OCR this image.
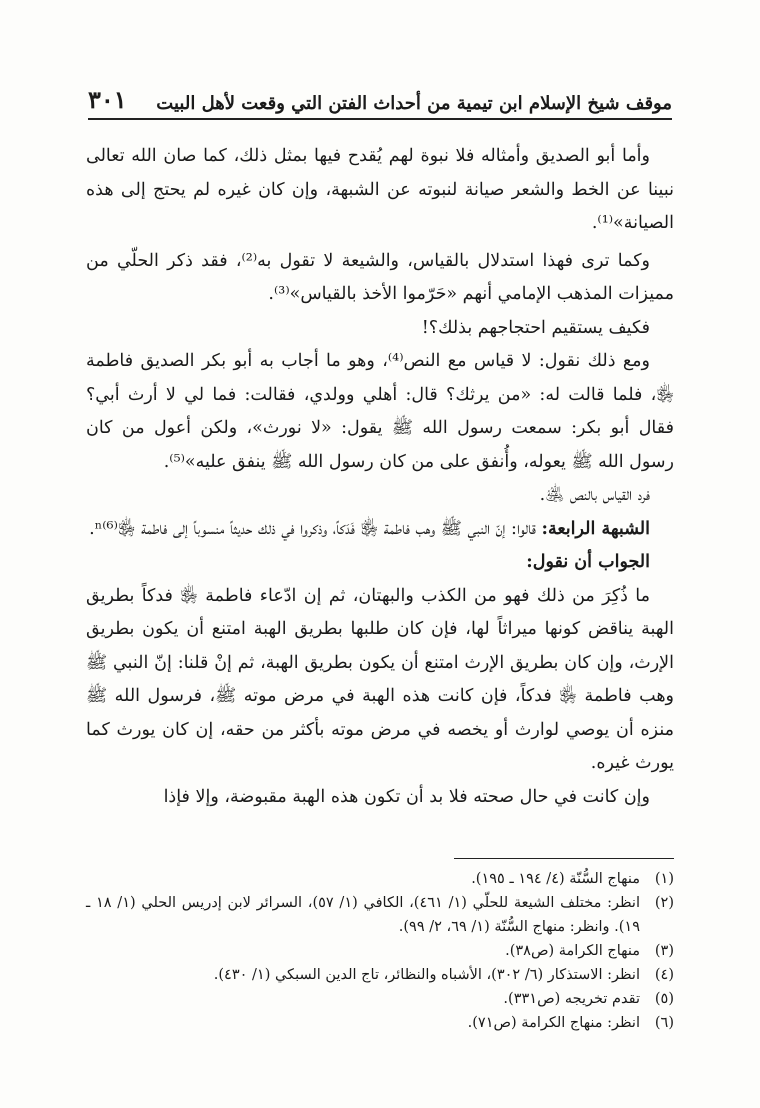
موقف شيخ الإسلام ابن تيمية من أحداث الفتن التي وقعت لأهل البيت
٣٠١

وأما أبو الصديق وأمثاله فلا نبوة لهم يُقدح فيها بمثل ذلك، كما صان الله تعالى نبينا عن الخط والشعر صيانة لنبوته عن الشبهة، وإن كان غيره لم يحتج إلى هذه الصيانة»⁽¹⁾.

وكما ترى فهذا استدلال بالقياس، والشيعة لا تقول به⁽²⁾، فقد ذكر الحلّي من مميزات المذهب الإمامي أنهم «حَرّموا الأخذ بالقياس»⁽³⁾.

فكيف يستقيم احتجاجهم بذلك؟!

ومع ذلك نقول: لا قياس مع النص⁽⁴⁾، وهو ما أجاب به أبو بكر الصديق فاطمة ﵂، فلما قالت له: «من يرثك؟ قال: أهلي وولدي، فقالت: فما لي لا أرث أبي؟ فقال أبو بكر: سمعت رسول الله ﷺ يقول: «لا نورث»، ولكن أعول من كان رسول الله ﷺ يعوله، وأُنفق على من كان رسول الله ﷺ ينفق عليه»⁽⁵⁾.

فرد القياس بالنص ﵁.

الشبهة الرابعة: قالوا: إنّ النبي ﷺ وهب فاطمة ﵂ فَدَكاً، وذكروا في ذلك حديثاً منسوباً إلى فاطمة ﵂ⁿ⁽⁶⁾.

الجواب أن نقول:

ما ذُكِرَ من ذلك فهو من الكذب والبهتان، ثم إن ادّعاء فاطمة ﵂ فدكاً بطريق الهبة يناقض كونها ميراثاً لها، فإن كان طلبها بطريق الهبة امتنع أن يكون بطريق الإرث، وإن كان بطريق الإرث امتنع أن يكون بطريق الهبة، ثم إنْ قلنا: إنّ النبي ﷺ وهب فاطمة ﵂ فدكاً، فإن كانت هذه الهبة في مرض موته ﷺ، فرسول الله ﷺ منزه أن يوصي لوارث أو يخصه في مرض موته بأكثر من حقه، إن كان يورث كما يورث غيره.

وإن كانت في حال صحته فلا بد أن تكون هذه الهبة مقبوضة، وإلا فإذا

(١)
منهاج السُّنّة (٤/ ١٩٤ ـ ١٩٥).
(٢)
انظر: مختلف الشيعة للحلّي (١/ ٤٦١)، الكافي (١/ ٥٧)، السرائر لابن إدريس الحلي (١/ ١٨ ـ ١٩). وانظر: منهاج السُّنّة (١/ ٦٩، ٢/ ٩٩).
(٣)
منهاج الكرامة (ص٣٨).
(٤)
انظر: الاستذكار (٦/ ٣٠٢)، الأشباه والنظائر، تاج الدين السبكي (١/ ٤٣٠).
(٥)
تقدم تخريجه (ص٣٣١).
(٦)
انظر: منهاج الكرامة (ص٧١).
